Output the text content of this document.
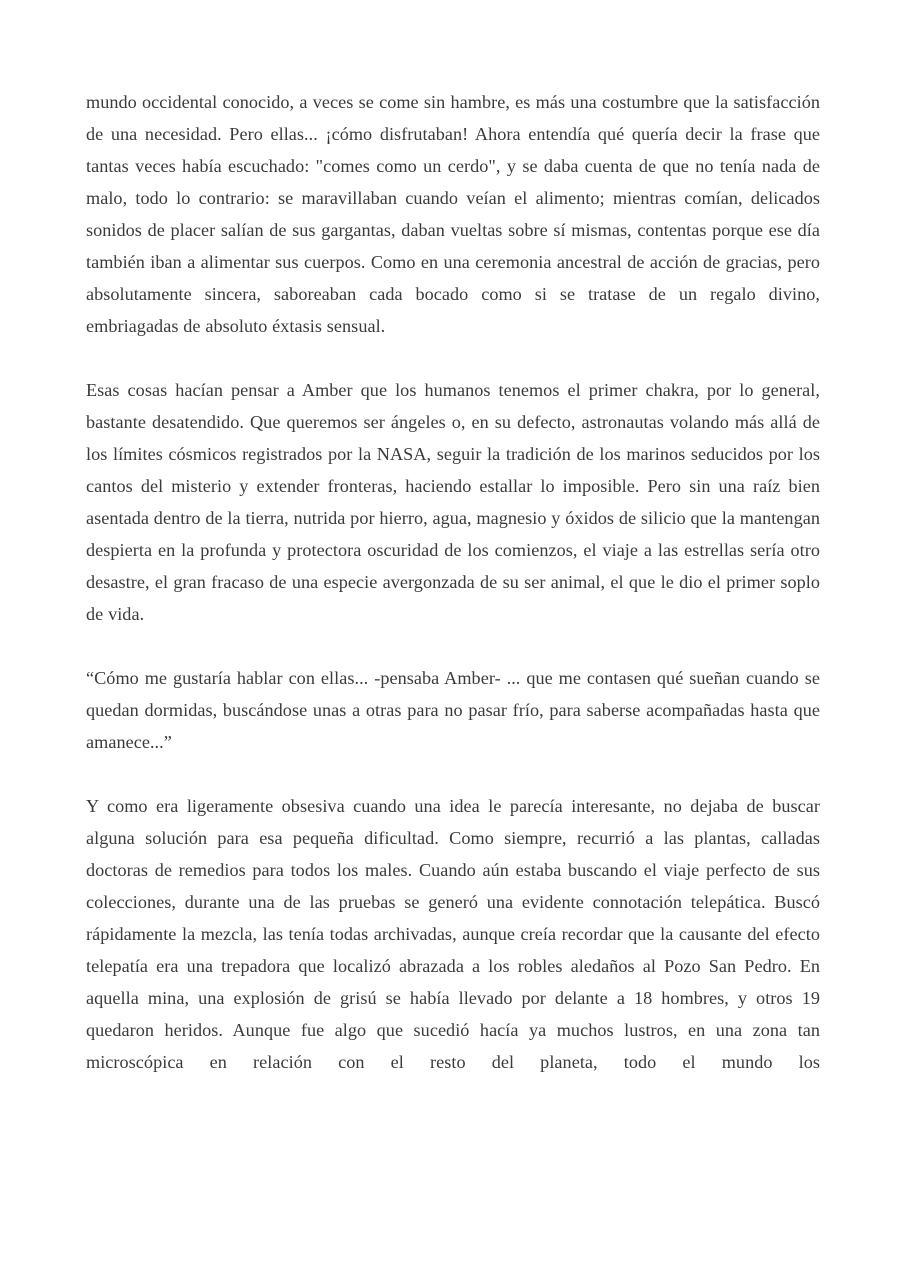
mundo occidental conocido, a veces se come sin hambre, es más una costumbre que la satisfacción de una necesidad. Pero ellas... ¡cómo disfrutaban! Ahora entendía qué quería decir la frase que tantas veces había escuchado: "comes como un cerdo", y se daba cuenta de que no tenía nada de malo, todo lo contrario: se maravillaban cuando veían el alimento; mientras comían, delicados sonidos de placer salían de sus gargantas, daban vueltas sobre sí mismas, contentas porque ese día también iban a alimentar sus cuerpos. Como en una ceremonia ancestral de acción de gracias, pero absolutamente sincera, saboreaban cada bocado como si se tratase de un regalo divino, embriagadas de absoluto éxtasis sensual.

Esas cosas hacían pensar a Amber que los humanos tenemos el primer chakra, por lo general, bastante desatendido. Que queremos ser ángeles o, en su defecto, astronautas volando más allá de los límites cósmicos registrados por la NASA, seguir la tradición de los marinos seducidos por los cantos del misterio y extender fronteras, haciendo estallar lo imposible. Pero sin una raíz bien asentada dentro de la tierra, nutrida por hierro, agua, magnesio y óxidos de silicio que la mantengan despierta en la profunda y protectora oscuridad de los comienzos, el viaje a las estrellas sería otro desastre, el gran fracaso de una especie avergonzada de su ser animal, el que le dio el primer soplo de vida.

“Cómo me gustaría hablar con ellas... -pensaba Amber- ... que me contasen qué sueñan cuando se quedan dormidas, buscándose unas a otras para no pasar frío, para saberse acompañadas hasta que amanece...”

Y como era ligeramente obsesiva cuando una idea le parecía interesante, no dejaba de buscar alguna solución para esa pequeña dificultad. Como siempre, recurrió a las plantas, calladas doctoras de remedios para todos los males. Cuando aún estaba buscando el viaje perfecto de sus colecciones, durante una de las pruebas se generó una evidente connotación telepática. Buscó rápidamente la mezcla, las tenía todas archivadas, aunque creía recordar que la causante del efecto telepatía era una trepadora que localizó abrazada a los robles aledaños al Pozo San Pedro. En aquella mina, una explosión de grisú se había llevado por delante a 18 hombres, y otros 19 quedaron heridos. Aunque fue algo que sucedió hacía ya muchos lustros, en una zona tan microscópica en relación con el resto del planeta, todo el mundo los
